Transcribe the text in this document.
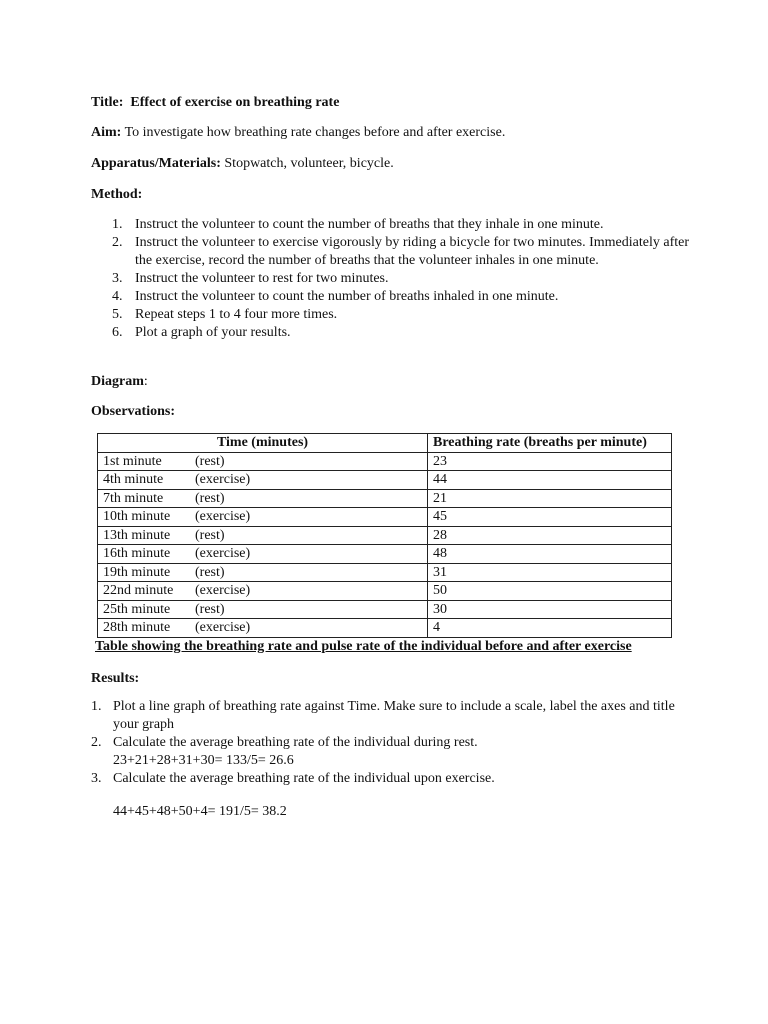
Title: Effect of exercise on breathing rate
Aim: To investigate how breathing rate changes before and after exercise.
Apparatus/Materials: Stopwatch, volunteer, bicycle.
Method:
1. Instruct the volunteer to count the number of breaths that they inhale in one minute.
2. Instruct the volunteer to exercise vigorously by riding a bicycle for two minutes. Immediately after the exercise, record the number of breaths that the volunteer inhales in one minute.
3. Instruct the volunteer to rest for two minutes.
4. Instruct the volunteer to count the number of breaths inhaled in one minute.
5. Repeat steps 1 to 4 four more times.
6. Plot a graph of your results.
Diagram:
Observations:
Time (minutes)	Breathing rate (breaths per minute)
1st minute (rest)	23
4th minute (exercise)	44
7th minute (rest)	21
10th minute (exercise)	45
13th minute (rest)	28
16th minute (exercise)	48
19th minute (rest)	31
22nd minute (exercise)	50
25th minute (rest)	30
28th minute (exercise)	4
Table showing the breathing rate and pulse rate of the individual before and after exercise
Results:
1. Plot a line graph of breathing rate against Time. Make sure to include a scale, label the axes and title your graph
2. Calculate the average breathing rate of the individual during rest.
23+21+28+31+30= 133/5= 26.6
3. Calculate the average breathing rate of the individual upon exercise.
44+45+48+50+4= 191/5= 38.2
